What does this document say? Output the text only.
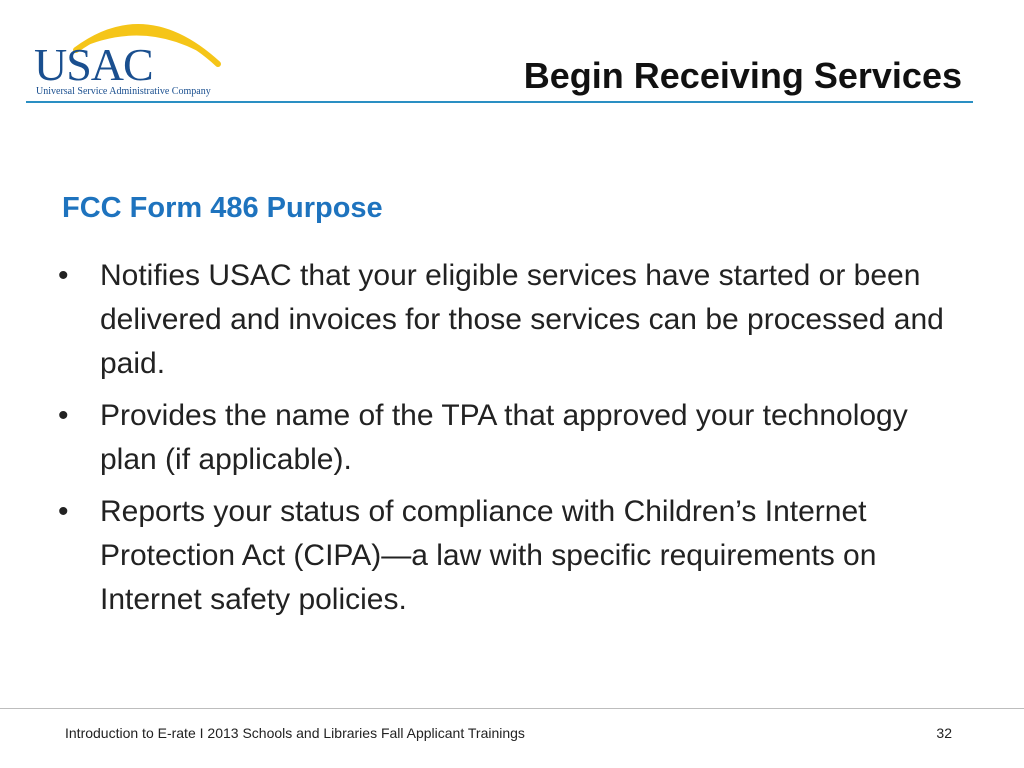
USAC
Universal Service Administrative Company	Begin Receiving Services
FCC Form 486 Purpose
•	Notifies USAC that your eligible services have started or been delivered and invoices for those services can be processed and paid.
•	Provides the name of the TPA that approved your technology plan (if applicable).
•	Reports your status of compliance with Children’s Internet Protection Act (CIPA)—a law with specific requirements on Internet safety policies.
Introduction to E-rate I 2013 Schools and Libraries Fall Applicant Trainings	32
